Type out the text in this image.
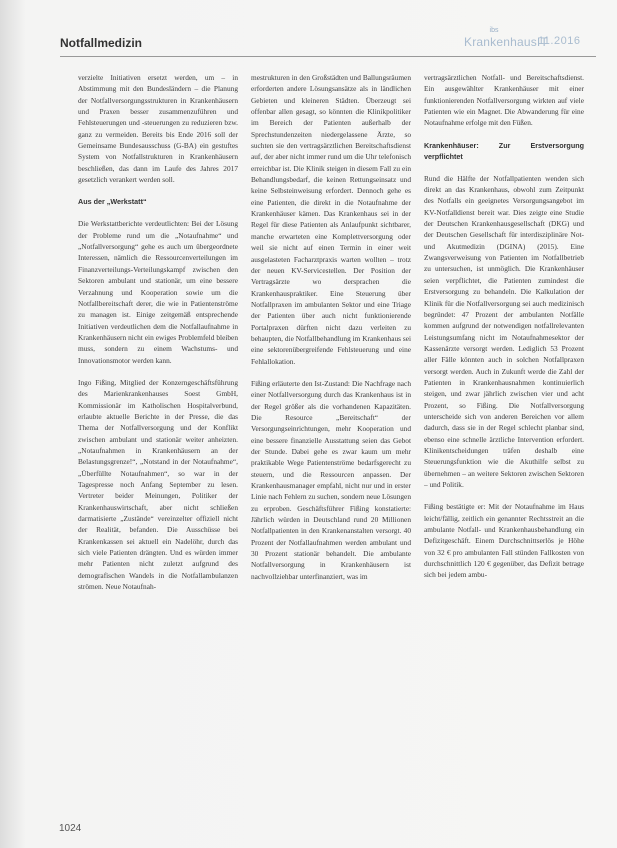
Notfallmedizin
ibs
KrankenhausIT
11.2016

verzielte Initiativen ersetzt werden, um – in Abstimmung mit den Bundesländern – die Planung der Notfallversorgungsstrukturen in Krankenhäusern und Praxen besser zusammenzuführen und Fehlsteuerungen und -steuerungen zu reduzieren bzw. ganz zu vermeiden. Bereits bis Ende 2016 soll der Gemeinsame Bundesausschuss (G-BA) ein gestuftes System von Notfallstrukturen in Krankenhäusern beschließen, das dann im Laufe des Jahres 2017 gesetzlich verankert werden soll.

Aus der „Werkstatt“

Die Werkstattberichte verdeutlichten: Bei der Lösung der Probleme rund um die „Notaufnahme“ und „Notfallversorgung“ gehe es auch um übergeordnete Interessen, nämlich die Ressourcenverteilungen im Finanzverteilungs-Verteilungskampf zwischen den Sektoren ambulant und stationär, um eine bessere Verzahnung und Kooperation sowie um die Notfallbereitschaft derer, die wie in Patientenströme zu managen ist. Einige zeitgemäß entsprechende Initiativen verdeutlichen dem die Notfallaufnahme in Krankenhäusern nicht ein ewiges Problemfeld bleiben muss, sondern zu einem Wachstums- und Innovationsmotor werden kann.

Ingo Fißing, Mitglied der Konzerngeschäftsführung des Marienkrankenhauses Soest GmbH, Kommissionär im Katholischen Hospitalverbund, erlaubte aktuelle Berichte in der Presse, die das Thema der Notfallversorgung und der Konflikt zwischen ambulant und stationär weiter anheizten. „Notaufnahmen in Krankenhäusern an der Belastungsgrenze!“, „Notstand in der Notaufnahme“, „Überfüllte Notaufnahmen“, so war in der Tagespresse noch Anfang September zu lesen. Vertreter beider Meinungen, Politiker der Krankenhauswirtschaft, aber nicht schließen darmatisierte „Zustände“ vereinzelter offiziell nicht der Realität, befanden. Die Ausschüsse bei Krankenkassen sei aktuell ein Nadelöhr, durch das sich viele Patienten drängten. Und es würden immer mehr Patienten nicht zuletzt aufgrund des demografischen Wandels in die Notfallambulanzen strömen. Neue Notaufnah-

mestrukturen in den Großstädten und Ballungsräumen erforderten andere Lösungsansätze als in ländlichen Gebieten und kleineren Städten. Überzeugt sei offenbar allen gesagt, so könnten die Klinikpolitiker im Bereich der Patienten außerhalb der Sprechstundenzeiten niedergelassene Ärzte, so suchten sie den vertragsärztlichen Bereitschaftsdienst auf, der aber nicht immer rund um die Uhr telefonisch erreichbar ist. Die Klinik steigen in diesem Fall zu ein Behandlungsbedarf, die keinen Rettungseinsatz und keine Selbsteinweisung erfordert. Dennoch gehe es eine Patienten, die direkt in die Notaufnahme der Krankenhäuser kämen. Das Krankenhaus sei in der Regel für diese Patienten als Anlaufpunkt sichtbarer, manche erwarteten eine Komplettversorgung oder weil sie nicht auf einen Termin in einer weit ausgelasteten Facharztpraxis warten wollten – trotz der neuen KV-Servicestellen. Der Position der Vertragsärzte wo dersprachen die Krankenhauspraktiker. Eine Steuerung über Notfallpraxen im ambulanten Sektor und eine Triage der Patienten über auch nicht funktionierende Portalpraxen dürften nicht dazu verleiten zu behaupten, die Notfallbehandlung im Krankenhaus sei eine sektorenübergreifende Fehlsteuerung und eine Fehlallokation.

Fißing erläuterte den Ist-Zustand: Die Nachfrage nach einer Notfallversorgung durch das Krankenhaus ist in der Regel größer als die vorhandenen Kapazitäten. Die Resource „Bereitschaft“ der Versorgungseinrichtungen, mehr Kooperation und eine bessere finanzielle Ausstattung seien das Gebot der Stunde. Dabei gehe es zwar kaum um mehr praktikable Wege Patientenströme bedarfsgerecht zu steuern, und die Ressourcen anpassen. Der Krankenhausmanager empfahl, nicht nur und in erster Linie nach Fehlern zu suchen, sondern neue Lösungen zu erproben. Geschäftsführer Fißing konstatierte: Jährlich würden in Deutschland rund 20 Millionen Notfallpatienten in den Krankenanstalten versorgt. 40 Prozent der Notfallaufnahmen werden ambulant und 30 Prozent stationär behandelt. Die ambulante Notfallversorgung in Krankenhäusern ist nachvollziehbar unterfinanziert, was im

vertragsärztlichen Notfall- und Bereitschaftsdienst. Ein ausgewählter Krankenhäuser mit einer funktionierenden Notfallversorgung wirkten auf viele Patienten wie ein Magnet. Die Abwanderung für eine Notaufnahme erfolge mit den Füßen.

Krankenhäuser: Zur Erstversorgung verpflichtet

Rund die Hälfte der Notfallpatienten wenden sich direkt an das Krankenhaus, obwohl zum Zeitpunkt des Notfalls ein geeignetes Versorgungsangebot im KV-Notfalldienst bereit war. Dies zeigte eine Studie der Deutschen Krankenhausgesellschaft (DKG) und der Deutschen Gesellschaft für interdisziplinäre Not- und Akutmedizin (DGINA) (2015). Eine Zwangsverweisung von Patienten im Notfallbetrieb zu untersuchen, ist unmöglich. Die Krankenhäuser seien verpflichtet, die Patienten zumindest die Erstversorgung zu behandeln. Die Kalkulation der Klinik für die Notfallversorgung sei auch medizinisch begründet: 47 Prozent der ambulanten Notfälle kommen aufgrund der notwendigen notfallrelevanten Leistungsumfang nicht im Notaufnahmesektor der Kassenärzte versorgt werden. Lediglich 53 Prozent aller Fälle könnten auch in solchen Notfallpraxen versorgt werden. Auch in Zukunft werde die Zahl der Patienten in Krankenhausnahmen kontinuierlich steigen, und zwar jährlich zwischen vier und acht Prozent, so Fißing. Die Notfallversorgung unterscheide sich von anderen Bereichen vor allem dadurch, dass sie in der Regel schlecht planbar sind, ebenso eine schnelle ärztliche Intervention erfordert. Klinikentscheidungen träfen deshalb eine Steuerungsfunktion wie die Akuthilfe selbst zu übernehmen – an weitere Sektoren zwischen Sektoren – und Politik.

Fißing bestätigte er: Mit der Notaufnahme im Haus leicht/fällig, zeitlich ein genannter Rechtsstreit an die ambulante Notfall- und Krankenhausbehandlung ein Defizitgeschäft. Einem Durchschnittserlös je Höhe von 32 € pro ambulanten Fall stünden Fallkosten von durchschnittlich 120 € gegenüber, das Defizit betrage sich bei jedem ambu-

1024
